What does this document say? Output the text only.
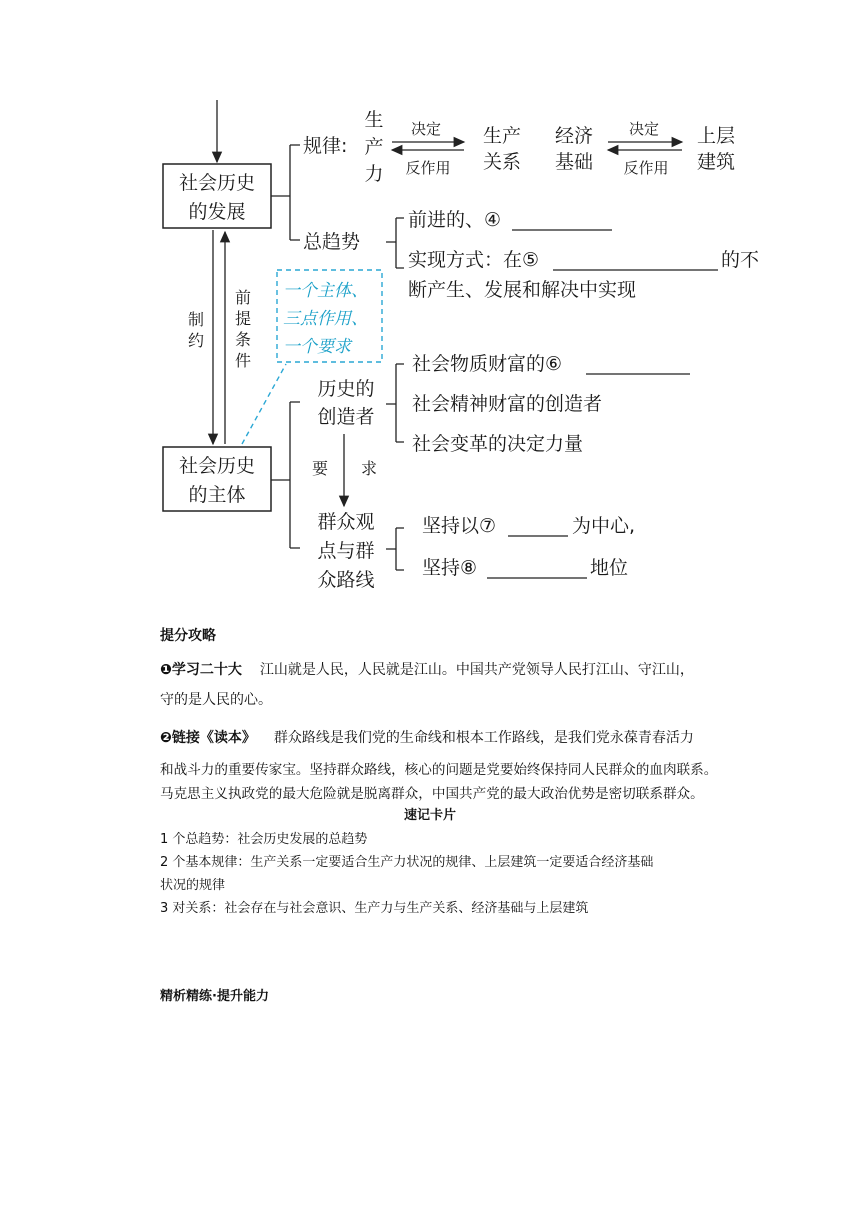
社会历史
的发展
社会历史
的主体
制
约
前
提
条
件
规律:
生
产
力
决定
反作用
生产
关系
经济
基础
决定
反作用
上层
建筑
总趋势
前进的、④
实现方式：在⑤	的不
断产生、发展和解决中实现
一个主体、
三点作用、
一个要求
历史的
创造者
社会物质财富的⑥
社会精神财富的创造者
社会变革的决定力量
要 求
群众观
点与群
众路线
坚持以⑦	为中心,
坚持⑧	地位
提分攻略
❶学习二十大 江山就是人民，人民就是江山。中国共产党领导人民打江山、守江山，
守的是人民的心。
❷链接《读本》 群众路线是我们党的生命线和根本工作路线，是我们党永葆青春活力
和战斗力的重要传家宝。坚持群众路线，核心的问题是党要始终保持同人民群众的血肉联系。
马克思主义执政党的最大危险就是脱离群众，中国共产党的最大政治优势是密切联系群众。
速记卡片
1 个总趋势：社会历史发展的总趋势
2 个基本规律：生产关系一定要适合生产力状况的规律、上层建筑一定要适合经济基础
状况的规律
3 对关系：社会存在与社会意识、生产力与生产关系、经济基础与上层建筑
精析精练·提升能力
